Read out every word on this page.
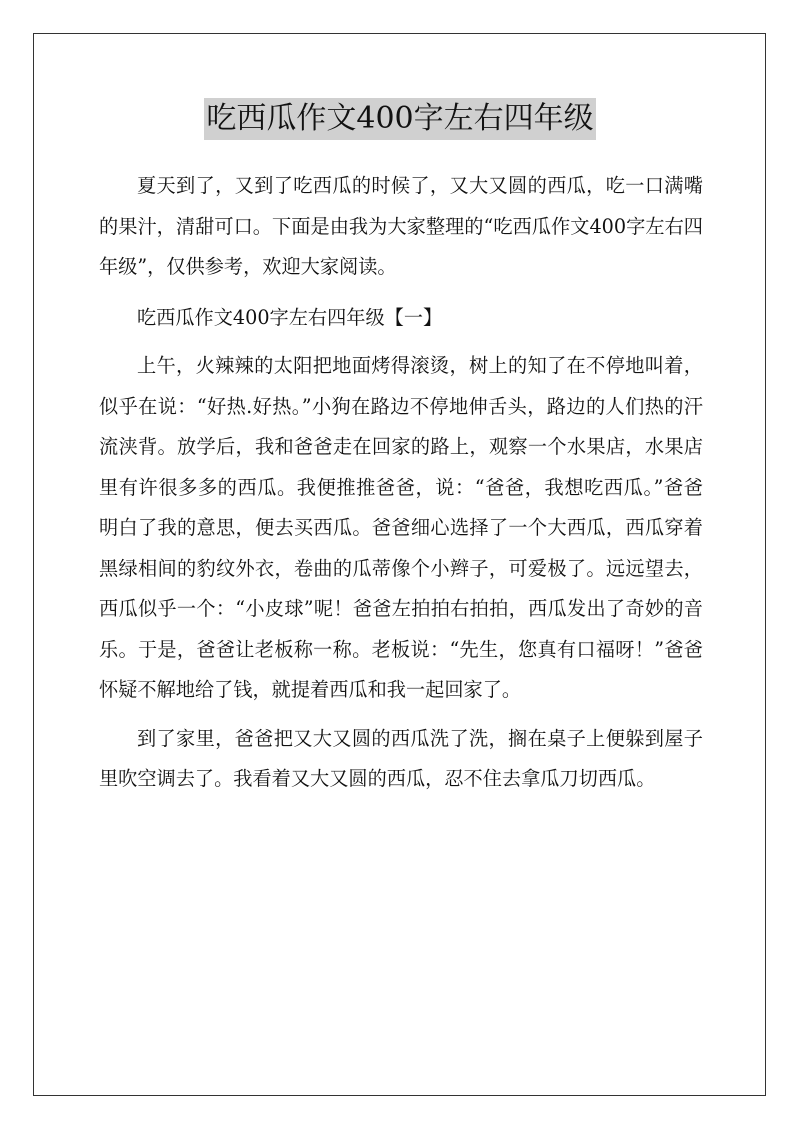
吃西瓜作文400字左右四年级

夏天到了，又到了吃西瓜的时候了，又大又圆的西瓜，吃一口满嘴的果汁，清甜可口。下面是由我为大家整理的“吃西瓜作文400字左右四年级”，仅供参考，欢迎大家阅读。

吃西瓜作文400字左右四年级【一】

上午，火辣辣的太阳把地面烤得滚烫，树上的知了在不停地叫着，似乎在说：“好热.好热。”小狗在路边不停地伸舌头，路边的人们热的汗流浃背。放学后，我和爸爸走在回家的路上，观察一个水果店，水果店里有许很多多的西瓜。我便推推爸爸，说：“爸爸，我想吃西瓜。”爸爸明白了我的意思，便去买西瓜。爸爸细心选择了一个大西瓜，西瓜穿着黑绿相间的豹纹外衣，卷曲的瓜蒂像个小辫子，可爱极了。远远望去，西瓜似乎一个：“小皮球”呢！爸爸左拍拍右拍拍，西瓜发出了奇妙的音乐。于是，爸爸让老板称一称。老板说：“先生，您真有口福呀！”爸爸怀疑不解地给了钱，就提着西瓜和我一起回家了。

到了家里，爸爸把又大又圆的西瓜洗了洗，搁在桌子上便躲到屋子里吹空调去了。我看着又大又圆的西瓜，忍不住去拿瓜刀切西瓜。
